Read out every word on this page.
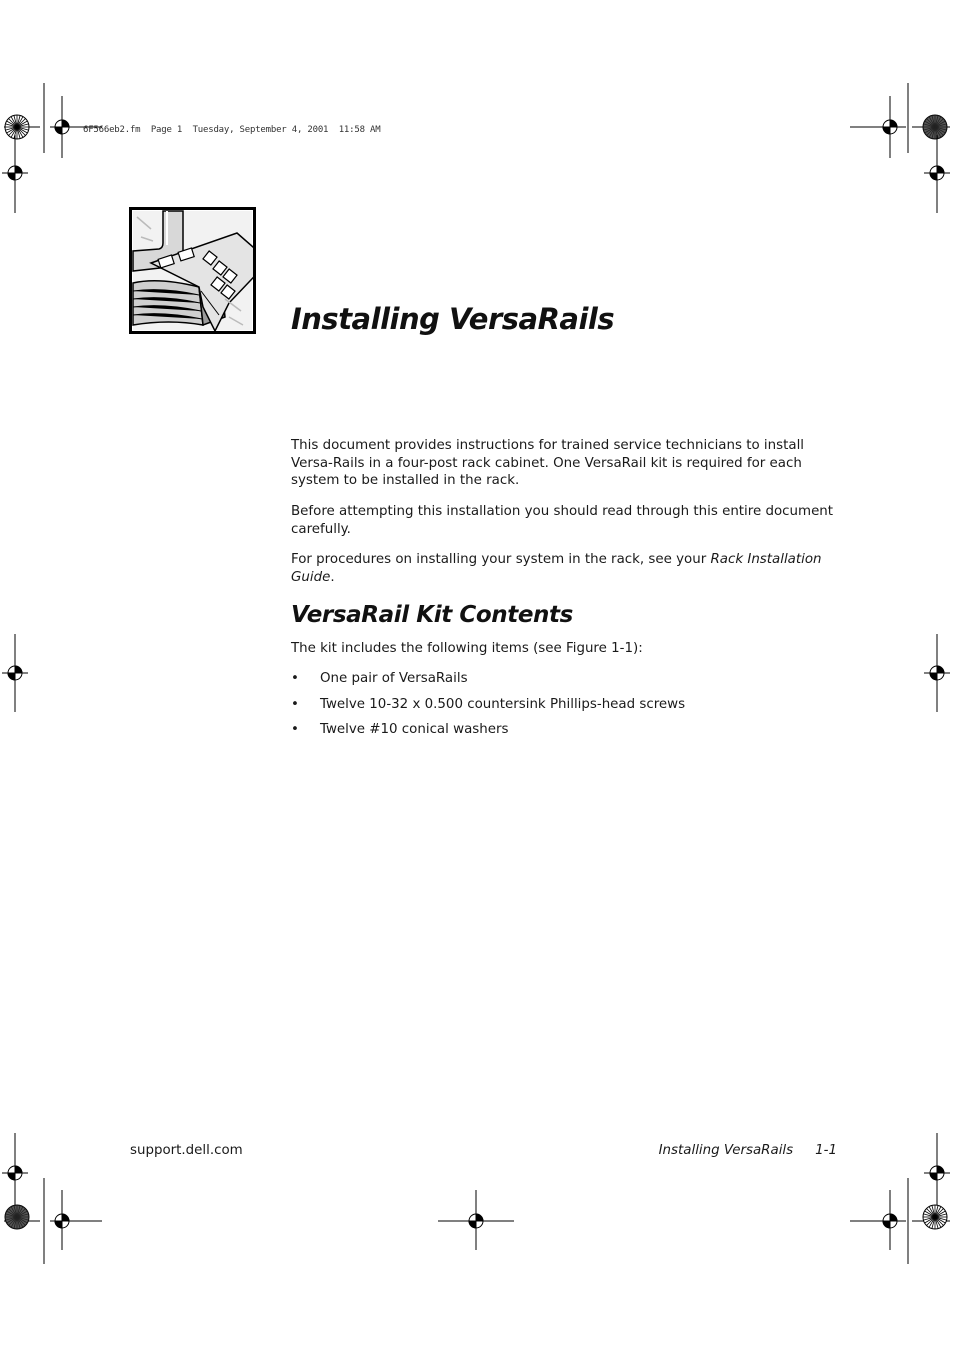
6F566eb2.fm  Page 1  Tuesday, September 4, 2001  11:58 AM
Installing VersaRails

This document provides instructions for trained service technicians to install Versa-Rails in a four-post rack cabinet. One VersaRail kit is required for each system to be installed in the rack.

Before attempting this installation you should read through this entire document carefully.

For procedures on installing your system in the rack, see your Rack Installation Guide.

VersaRail Kit Contents

The kit includes the following items (see Figure 1-1):

• One pair of VersaRails
• Twelve 10-32 x 0.500 countersink Phillips-head screws
• Twelve #10 conical washers
support.dell.com	Installing VersaRails 1-1
